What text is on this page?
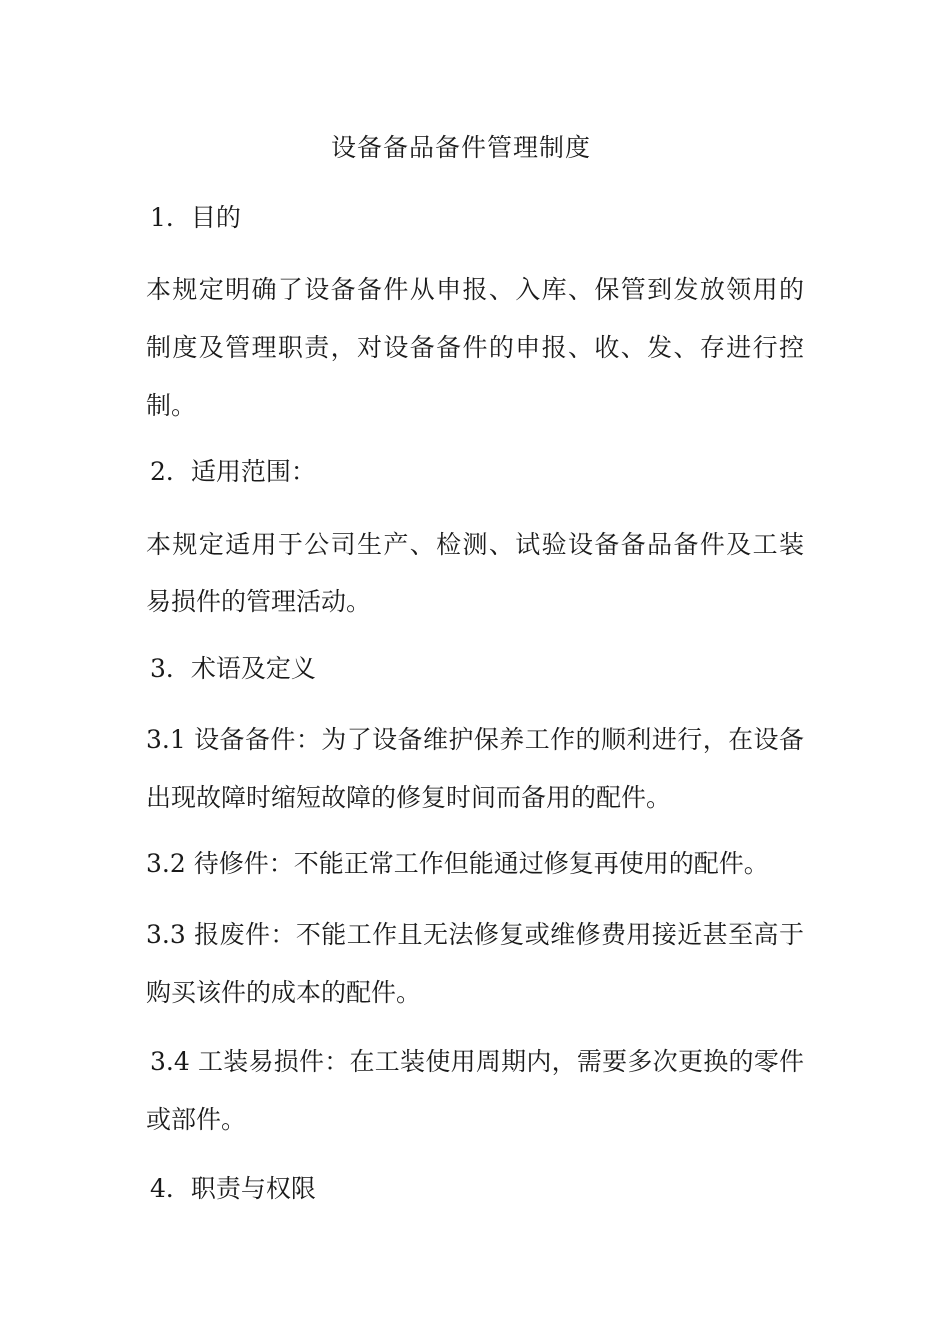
设备备品备件管理制度
1．目的
本规定明确了设备备件从申报、入库、保管到发放领用的
制度及管理职责，对设备备件的申报、收、发、存进行控
制。
2．适用范围：
本规定适用于公司生产、检测、试验设备备品备件及工装
易损件的管理活动。
3．术语及定义
3.1 设备备件：为了设备维护保养工作的顺利进行，在设备
出现故障时缩短故障的修复时间而备用的配件。
3.2 待修件：不能正常工作但能通过修复再使用的配件。
3.3 报废件：不能工作且无法修复或维修费用接近甚至高于
购买该件的成本的配件。
3.4 工装易损件：在工装使用周期内，需要多次更换的零件
或部件。
4．职责与权限
